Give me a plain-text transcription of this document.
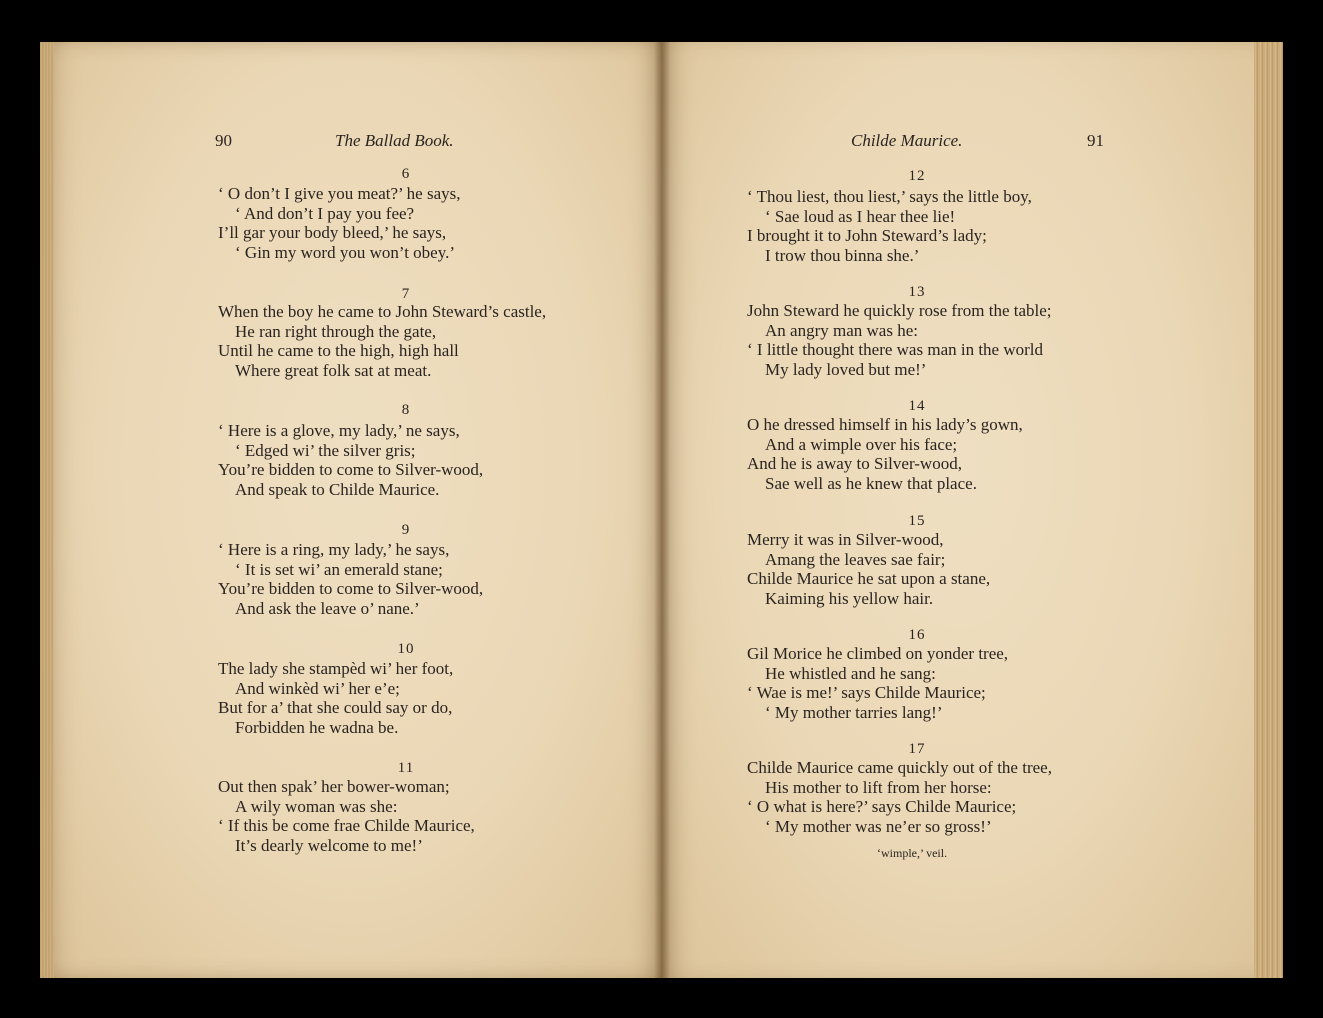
90	The Ballad Book.	Childe Maurice.	91
6
‘ O don’t I give you meat?’ he says,
‘ And don’t I pay you fee?
I’ll gar your body bleed,’ he says,
‘ Gin my word you won’t obey.’
7
When the boy he came to John Steward’s castle,
He ran right through the gate,
Until he came to the high, high hall
Where great folk sat at meat.
8
‘ Here is a glove, my lady,’ ne says,
‘ Edged wi’ the silver gris;
You’re bidden to come to Silver-wood,
And speak to Childe Maurice.
9
‘ Here is a ring, my lady,’ he says,
‘ It is set wi’ an emerald stane;
You’re bidden to come to Silver-wood,
And ask the leave o’ nane.’
10
The lady she stampèd wi’ her foot,
And winkèd wi’ her e’e;
But for a’ that she could say or do,
Forbidden he wadna be.
11
Out then spak’ her bower-woman;
A wily woman was she:
‘ If this be come frae Childe Maurice,
It’s dearly welcome to me!’
12
‘ Thou liest, thou liest,’ says the little boy,
‘ Sae loud as I hear thee lie!
I brought it to John Steward’s lady;
I trow thou binna she.’
13
John Steward he quickly rose from the table;
An angry man was he:
‘ I little thought there was man in the world
My lady loved but me!’
14
O he dressed himself in his lady’s gown,
And a wimple over his face;
And he is away to Silver-wood,
Sae well as he knew that place.
15
Merry it was in Silver-wood,
Amang the leaves sae fair;
Childe Maurice he sat upon a stane,
Kaiming his yellow hair.
16
Gil Morice he climbed on yonder tree,
He whistled and he sang:
‘ Wae is me!’ says Childe Maurice;
‘ My mother tarries lang!’
17
Childe Maurice came quickly out of the tree,
His mother to lift from her horse:
‘ O what is here?’ says Childe Maurice;
‘ My mother was ne’er so gross!’
‘wimple,’ veil.
